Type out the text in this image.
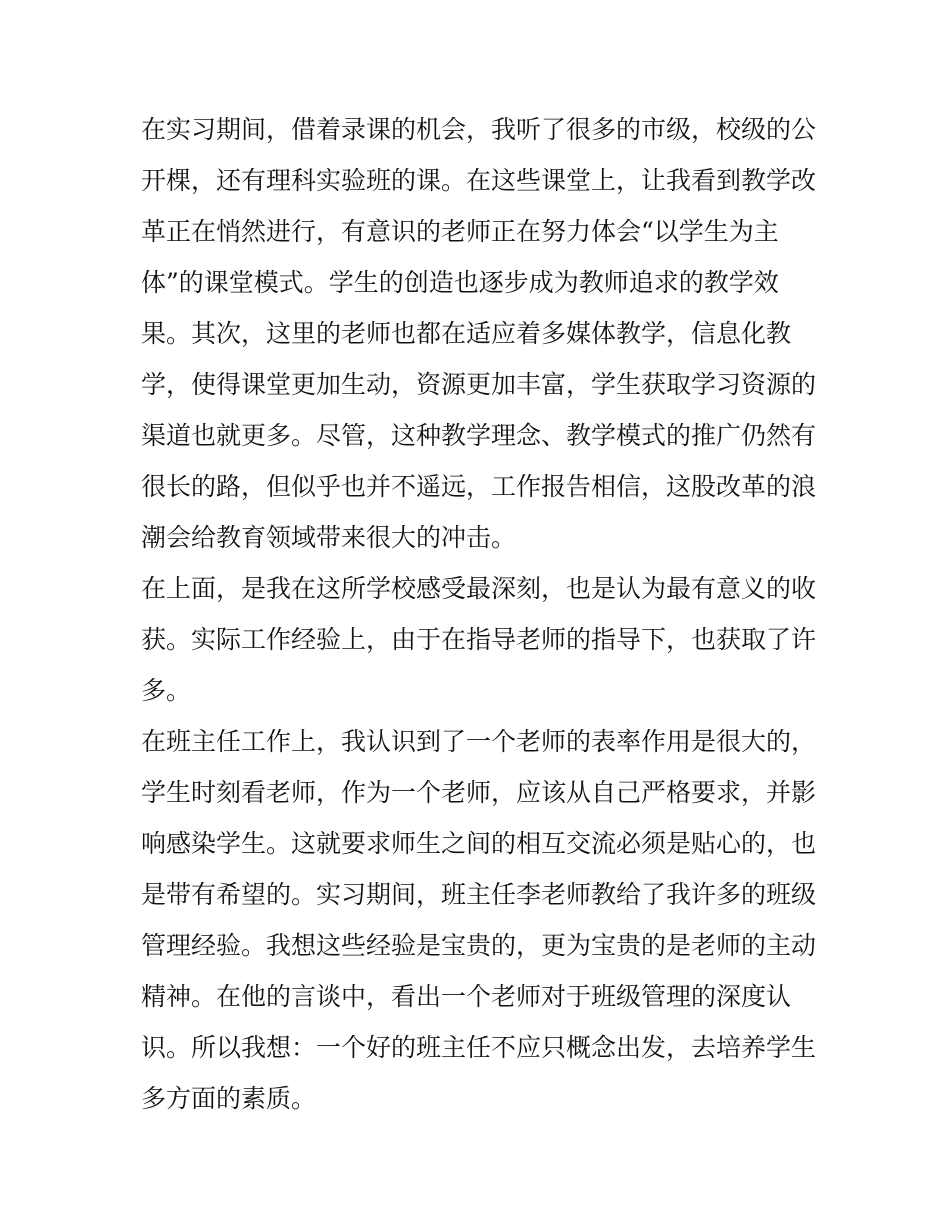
在实习期间，借着录课的机会，我听了很多的市级，校级的公
开棵，还有理科实验班的课。在这些课堂上，让我看到教学改
革正在悄然进行，有意识的老师正在努力体会“以学生为主
体”的课堂模式。学生的创造也逐步成为教师追求的教学效
果。其次，这里的老师也都在适应着多媒体教学，信息化教
学，使得课堂更加生动，资源更加丰富，学生获取学习资源的
渠道也就更多。尽管，这种教学理念、教学模式的推广仍然有
很长的路，但似乎也并不遥远，工作报告相信，这股改革的浪
潮会给教育领域带来很大的冲击。
在上面，是我在这所学校感受最深刻，也是认为最有意义的收
获。实际工作经验上，由于在指导老师的指导下，也获取了许
多。
在班主任工作上，我认识到了一个老师的表率作用是很大的，
学生时刻看老师，作为一个老师，应该从自己严格要求，并影
响感染学生。这就要求师生之间的相互交流必须是贴心的，也
是带有希望的。实习期间，班主任李老师教给了我许多的班级
管理经验。我想这些经验是宝贵的，更为宝贵的是老师的主动
精神。在他的言谈中，看出一个老师对于班级管理的深度认
识。所以我想：一个好的班主任不应只概念出发，去培养学生
多方面的素质。
